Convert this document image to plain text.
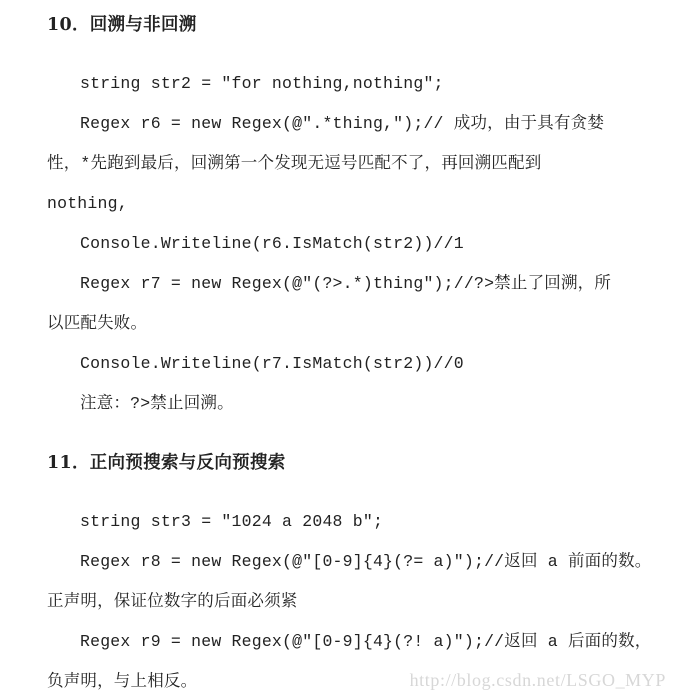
10．回溯与非回溯
string str2 = "for nothing,nothing";
Regex r6 = new Regex(@".*thing,");// 成功，由于具有贪婪
性，*先跑到最后，回溯第一个发现无逗号匹配不了，再回溯匹配到
nothing,
Console.Writeline(r6.IsMatch(str2))//1
Regex r7 = new Regex(@"(?>.*)thing");//?>禁止了回溯，所
以匹配失败。
Console.Writeline(r7.IsMatch(str2))//0
注意：?>禁止回溯。
11．正向预搜索与反向预搜索
string str3 = "1024 a 2048 b";
Regex r8 = new Regex(@"[0-9]{4}(?= a)");//返回 a 前面的数。
正声明，保证位数字的后面必须紧
Regex r9 = new Regex(@"[0-9]{4}(?! a)");//返回 a 后面的数，
负声明，与上相反。	http://blog.csdn.net/LSGO_MYP
